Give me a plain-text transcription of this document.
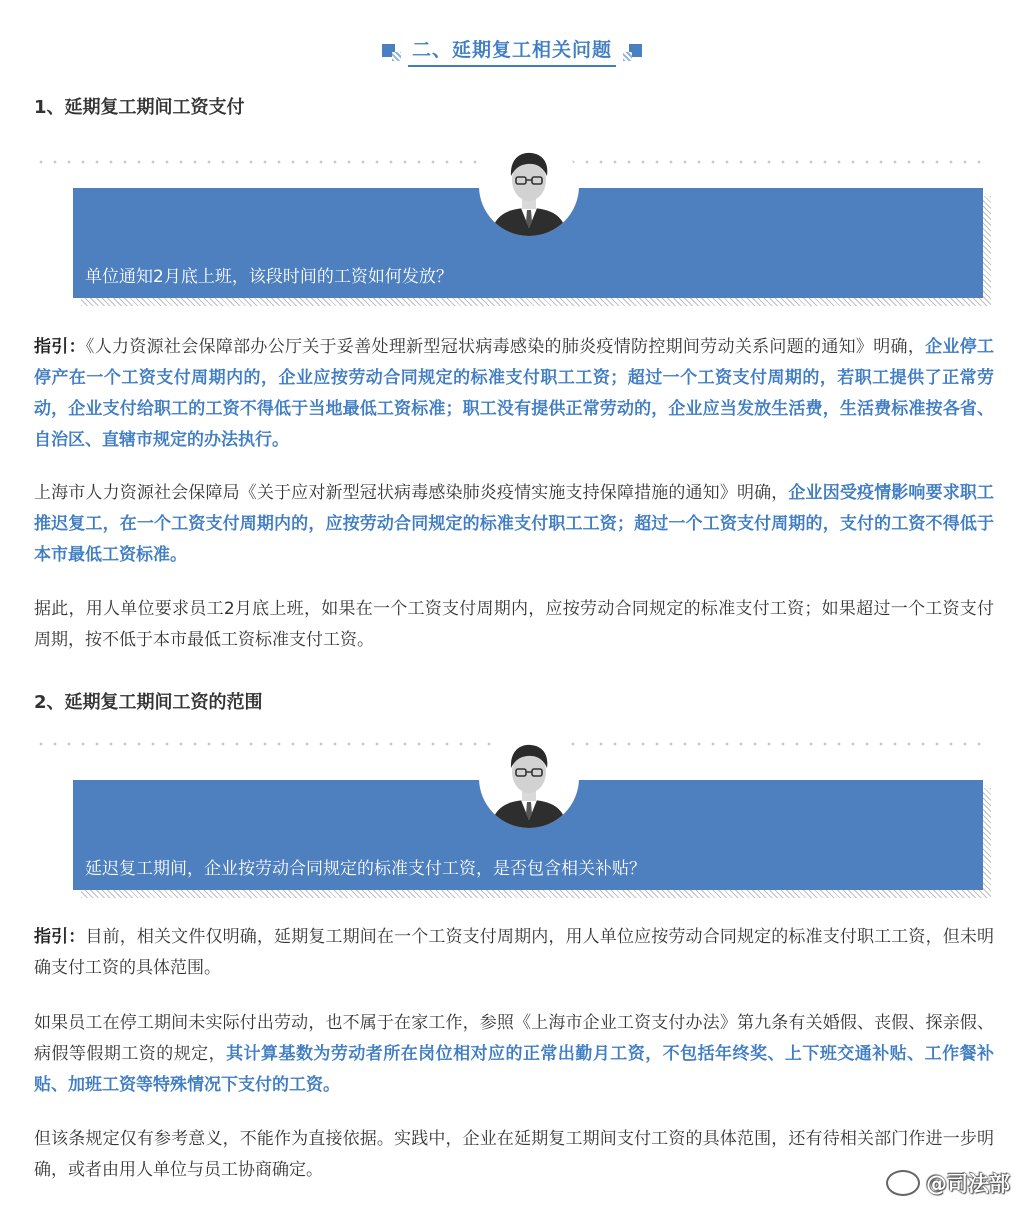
二、延期复工相关问题
1、延期复工期间工资支付
单位通知2月底上班，该段时间的工资如何发放？

指引：《人力资源社会保障部办公厅关于妥善处理新型冠状病毒感染的肺炎疫情防控期间劳动关系问题的通知》明确，企业停工停产在一个工资支付周期内的，企业应按劳动合同规定的标准支付职工工资；超过一个工资支付周期的，若职工提供了正常劳动，企业支付给职工的工资不得低于当地最低工资标准；职工没有提供正常劳动的，企业应当发放生活费，生活费标准按各省、自治区、直辖市规定的办法执行。

上海市人力资源社会保障局《关于应对新型冠状病毒感染肺炎疫情实施支持保障措施的通知》明确，企业因受疫情影响要求职工推迟复工，在一个工资支付周期内的，应按劳动合同规定的标准支付职工工资；超过一个工资支付周期的，支付的工资不得低于本市最低工资标准。

据此，用人单位要求员工2月底上班，如果在一个工资支付周期内，应按劳动合同规定的标准支付工资；如果超过一个工资支付周期，按不低于本市最低工资标准支付工资。

2、延期复工期间工资的范围
延迟复工期间，企业按劳动合同规定的标准支付工资，是否包含相关补贴？

指引：目前，相关文件仅明确，延期复工期间在一个工资支付周期内，用人单位应按劳动合同规定的标准支付职工工资，但未明确支付工资的具体范围。

如果员工在停工期间未实际付出劳动，也不属于在家工作，参照《上海市企业工资支付办法》第九条有关婚假、丧假、探亲假、病假等假期工资的规定，其计算基数为劳动者所在岗位相对应的正常出勤月工资，不包括年终奖、上下班交通补贴、工作餐补贴、加班工资等特殊情况下支付的工资。

但该条规定仅有参考意义，不能作为直接依据。实践中，企业在延期复工期间支付工资的具体范围，还有待相关部门作进一步明确，或者由用人单位与员工协商确定。

@司法部
